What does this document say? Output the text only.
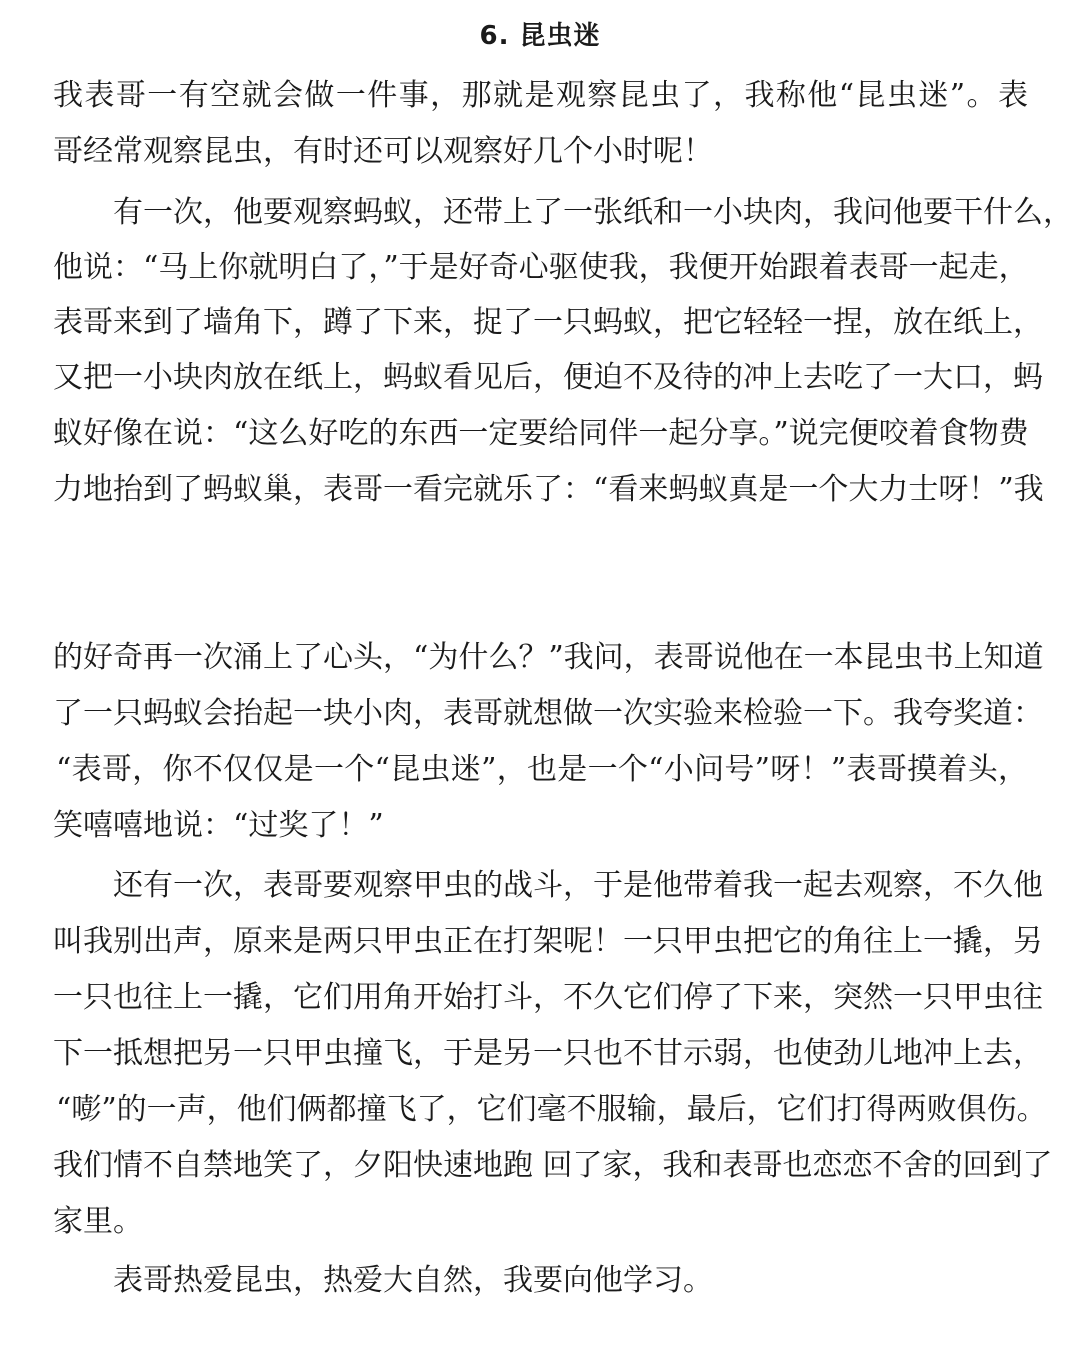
6. 昆虫迷
我表哥一有空就会做一件事，那就是观察昆虫了，我称他“昆虫迷”。表
哥经常观察昆虫，有时还可以观察好几个小时呢！
有一次，他要观察蚂蚁，还带上了一张纸和一小块肉，我问他要干什么，
他说：“马上你就明白了，”于是好奇心驱使我，我便开始跟着表哥一起走，
表哥来到了墙角下，蹲了下来，捉了一只蚂蚁，把它轻轻一捏，放在纸上，
又把一小块肉放在纸上，蚂蚁看见后，便迫不及待的冲上去吃了一大口，蚂
蚁好像在说：“这么好吃的东西一定要给同伴一起分享。”说完便咬着食物费
力地抬到了蚂蚁巢，表哥一看完就乐了：“看来蚂蚁真是一个大力士呀！”我
的好奇再一次涌上了心头，“为什么？”我问，表哥说他在一本昆虫书上知道
了一只蚂蚁会抬起一块小肉，表哥就想做一次实验来检验一下。我夸奖道：
“表哥，你不仅仅是一个“昆虫迷”，也是一个“小问号”呀！”表哥摸着头，
笑嘻嘻地说：“过奖了！”
还有一次，表哥要观察甲虫的战斗，于是他带着我一起去观察，不久他
叫我别出声，原来是两只甲虫正在打架呢！一只甲虫把它的角往上一撬，另
一只也往上一撬，它们用角开始打斗，不久它们停了下来，突然一只甲虫往
下一抵想把另一只甲虫撞飞，于是另一只也不甘示弱，也使劲儿地冲上去，
“嘭”的一声，他们俩都撞飞了，它们毫不服输，最后，它们打得两败俱伤。
我们情不自禁地笑了，夕阳快速地跑 回了家，我和表哥也恋恋不舍的回到了
家里。
表哥热爱昆虫，热爱大自然，我要向他学习。
